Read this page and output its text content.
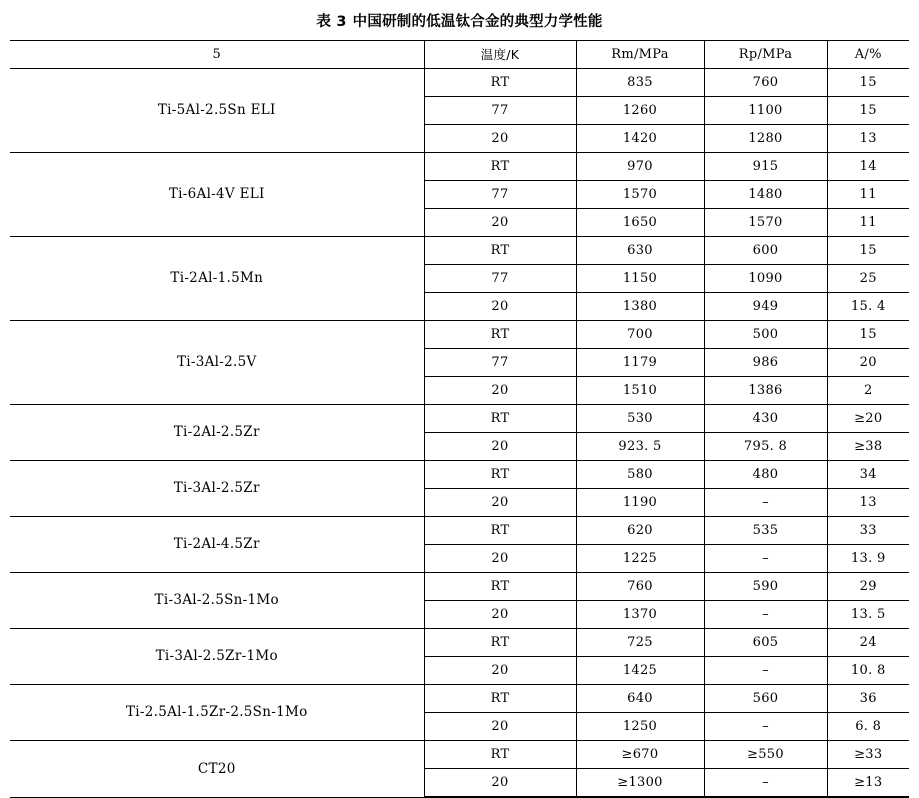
表 3 中国研制的低温钛合金的典型力学性能
5	温度/K	Rm/MPa	Rp/MPa	A/%
Ti-5Al-2.5Sn ELI	RT	835	760	15
	77	1260	1100	15
	20	1420	1280	13
Ti-6Al-4V ELI	RT	970	915	14
	77	1570	1480	11
	20	1650	1570	11
Ti-2Al-1.5Mn	RT	630	600	15
	77	1150	1090	25
	20	1380	949	15. 4
Ti-3Al-2.5V	RT	700	500	15
	77	1179	986	20
	20	1510	1386	2
Ti-2Al-2.5Zr	RT	530	430	≥20
	20	923. 5	795. 8	≥38
Ti-3Al-2.5Zr	RT	580	480	34
	20	1190	–	13
Ti-2Al-4.5Zr	RT	620	535	33
	20	1225	–	13. 9
Ti-3Al-2.5Sn-1Mo	RT	760	590	29
	20	1370	–	13. 5
Ti-3Al-2.5Zr-1Mo	RT	725	605	24
	20	1425	–	10. 8
Ti-2.5Al-1.5Zr-2.5Sn-1Mo	RT	640	560	36
	20	1250	–	6. 8
CT20	RT	≥670	≥550	≥33
	20	≥1300	–	≥13
